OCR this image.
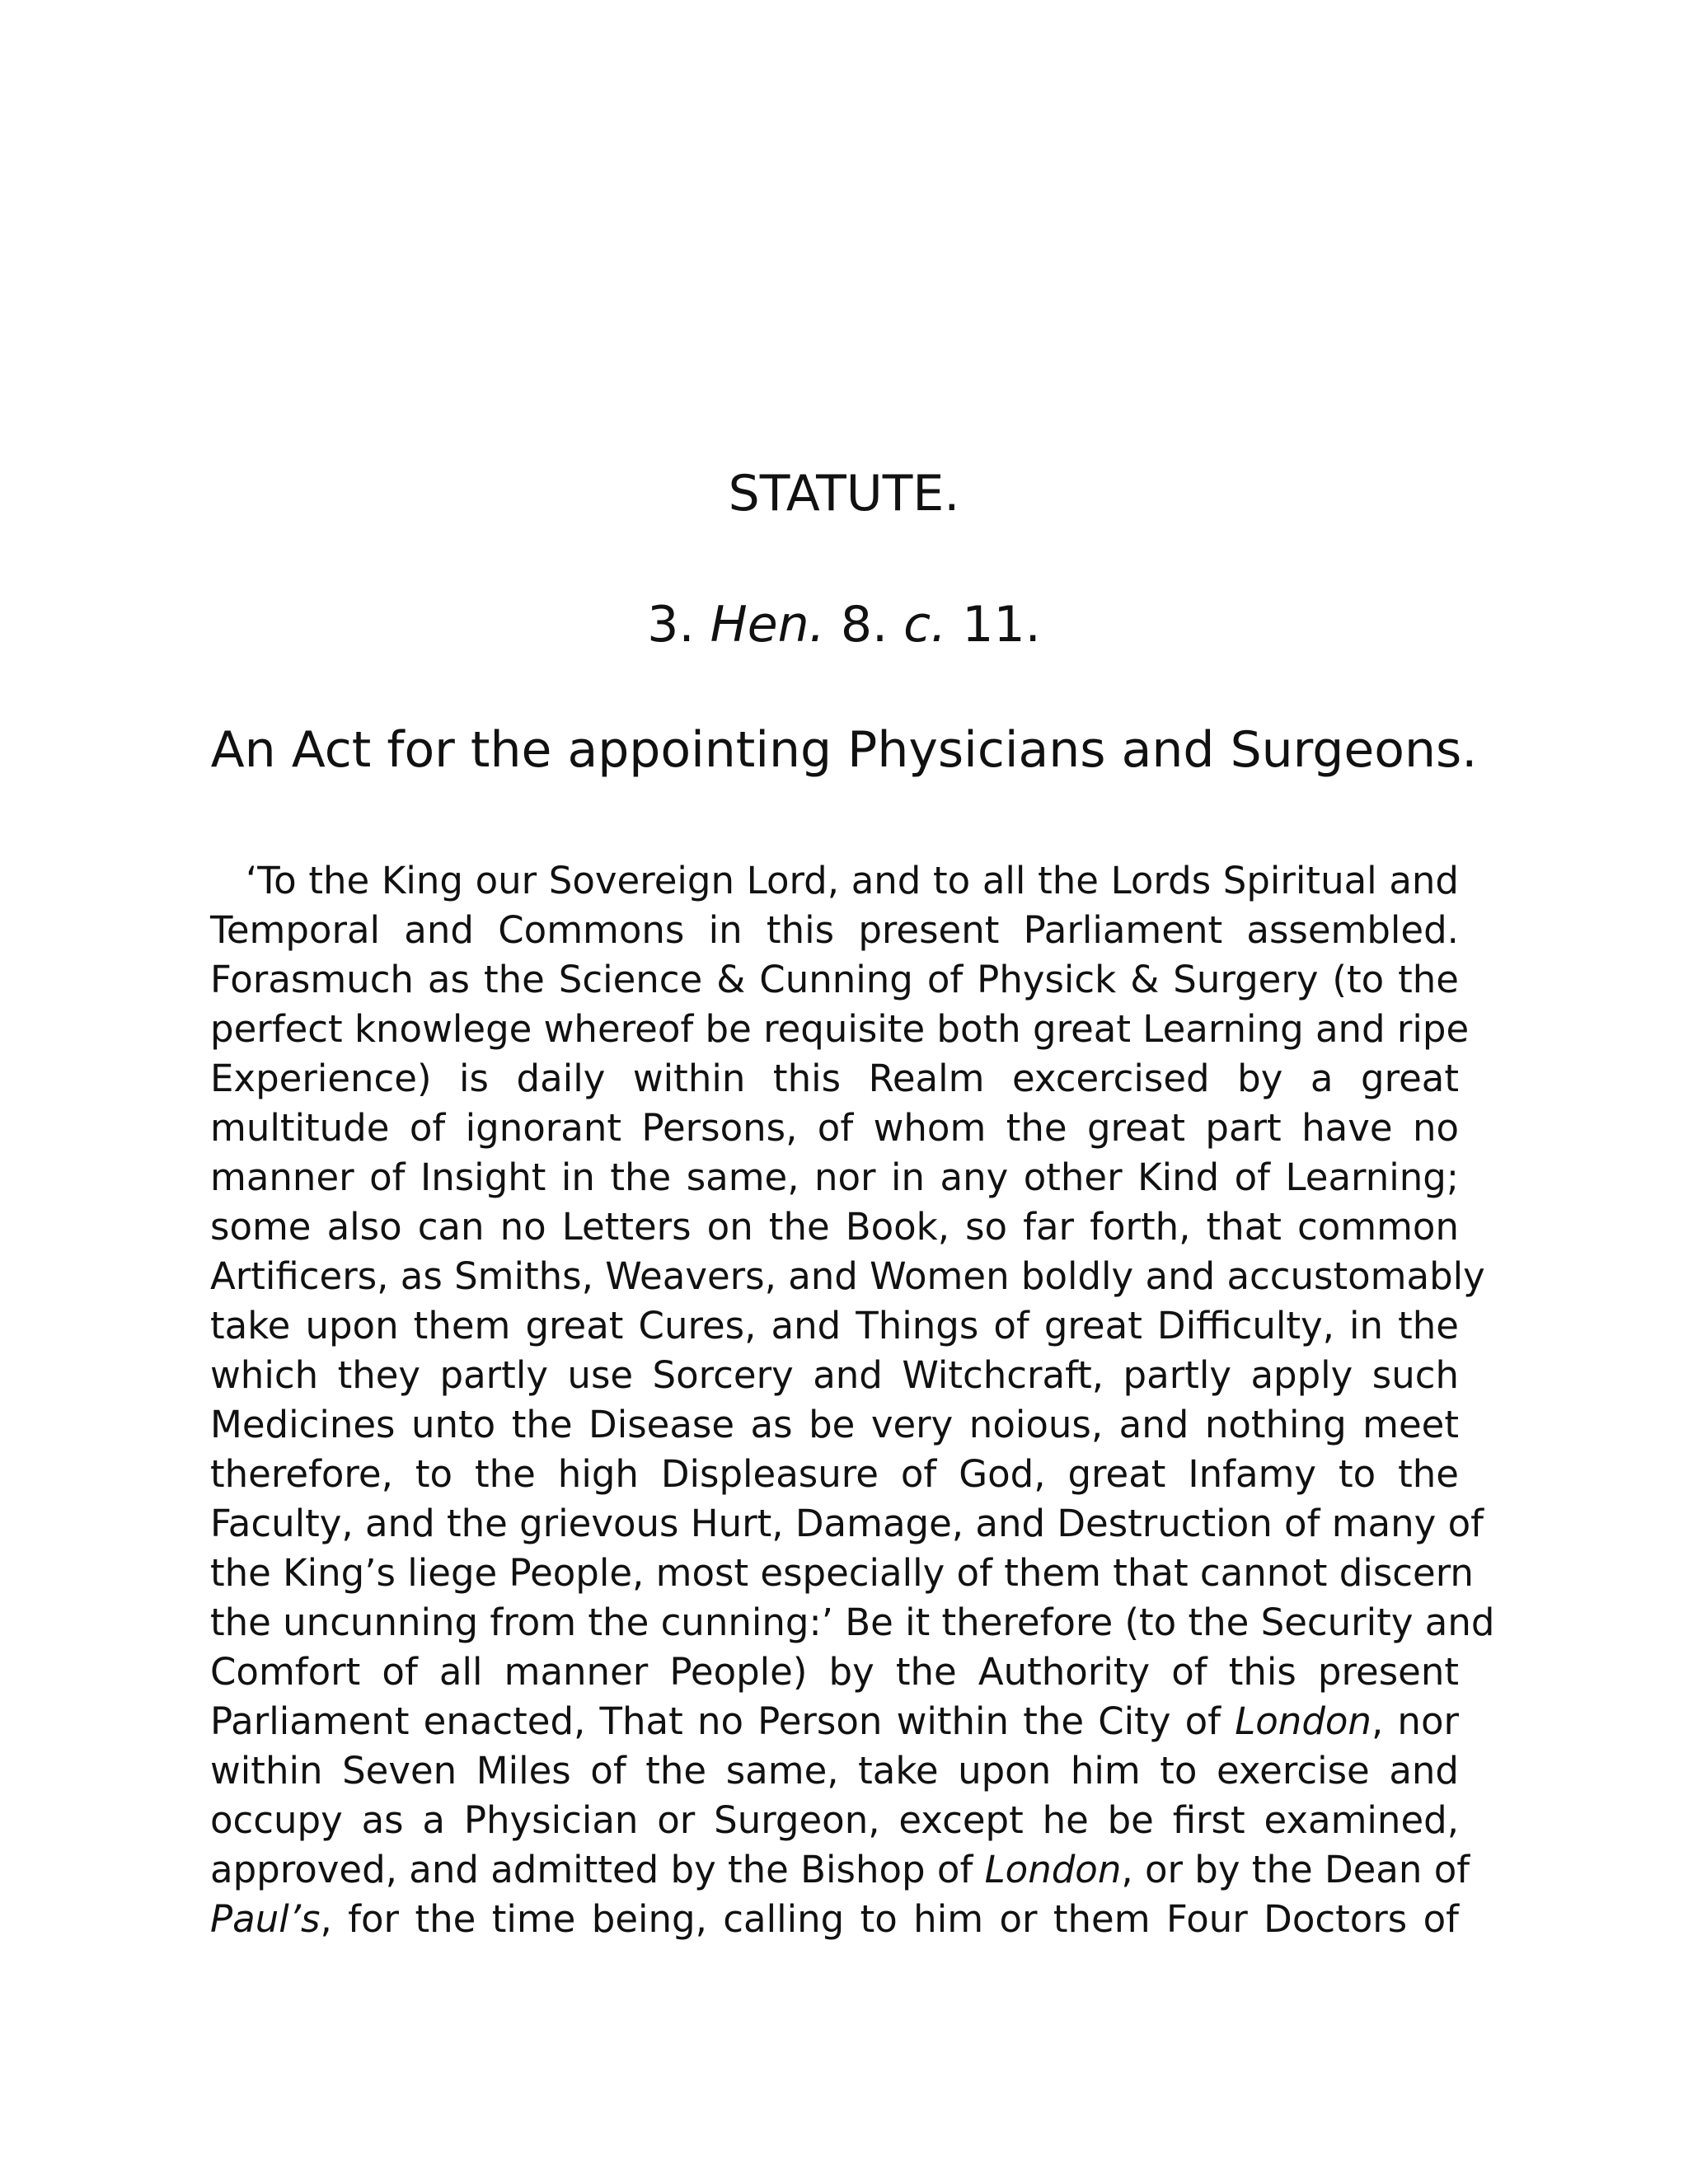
STATUTE.
3. Hen. 8. c. 11.
An Act for the appointing Physicians and Surgeons.
‘To the King our Sovereign Lord, and to all the Lords Spiritual and
Temporal and Commons in this present Parliament assembled.
Forasmuch as the Science & Cunning of Physick & Surgery (to the
perfect knowlege whereof be requisite both great Learning and ripe
Experience) is daily within this Realm excercised by a great
multitude of ignorant Persons, of whom the great part have no
manner of Insight in the same, nor in any other Kind of Learning;
some also can no Letters on the Book, so far forth, that common
Artificers, as Smiths, Weavers, and Women boldly and accustomably
take upon them great Cures, and Things of great Difficulty, in the
which they partly use Sorcery and Witchcraft, partly apply such
Medicines unto the Disease as be very noious, and nothing meet
therefore, to the high Displeasure of God, great Infamy to the
Faculty, and the grievous Hurt, Damage, and Destruction of many of
the King’s liege People, most especially of them that cannot discern
the uncunning from the cunning:’ Be it therefore (to the Security and
Comfort of all manner People) by the Authority of this present
Parliament enacted, That no Person within the City of London, nor
within Seven Miles of the same, take upon him to exercise and
occupy as a Physician or Surgeon, except he be first examined,
approved, and admitted by the Bishop of London, or by the Dean of
Paul’s, for the time being, calling to him or them Four Doctors of
